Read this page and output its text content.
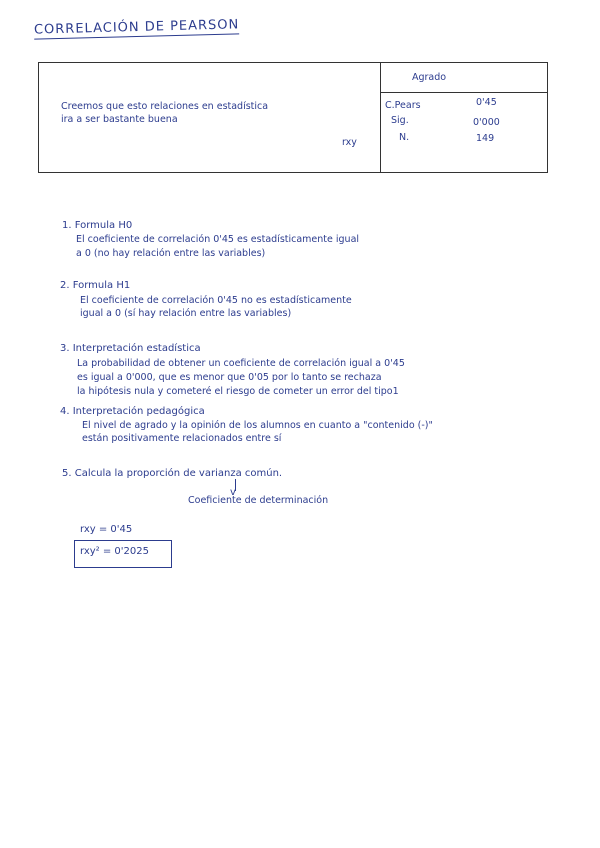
CORRELACIÓN DE PEARSON
Agrado
Creemos que esto relaciones en estadística
ira a ser bastante buena
rxy
C.Pears	0'45
Sig.	0'000
N.	149
1. Formula H0
El coeficiente de correlación 0'45 es estadísticamente igual
a 0 (no hay relación entre las variables)
2. Formula H1
El coeficiente de correlación 0'45 no es estadísticamente
igual a 0 (sí hay relación entre las variables)
3. Interpretación estadística
La probabilidad de obtener un coeficiente de correlación igual a 0'45
es igual a 0'000, que es menor que 0'05 por lo tanto se rechaza
la hipótesis nula y cometeré el riesgo de cometer un error del tipo1
4. Interpretación pedagógica
El nivel de agrado y la opinión de los alumnos en cuanto a "contenido (-)"
están positivamente relacionados entre sí
5. Calcula la proporción de varianza común.
v
Coeficiente de determinación
rxy = 0'45
rxy² = 0'2025
